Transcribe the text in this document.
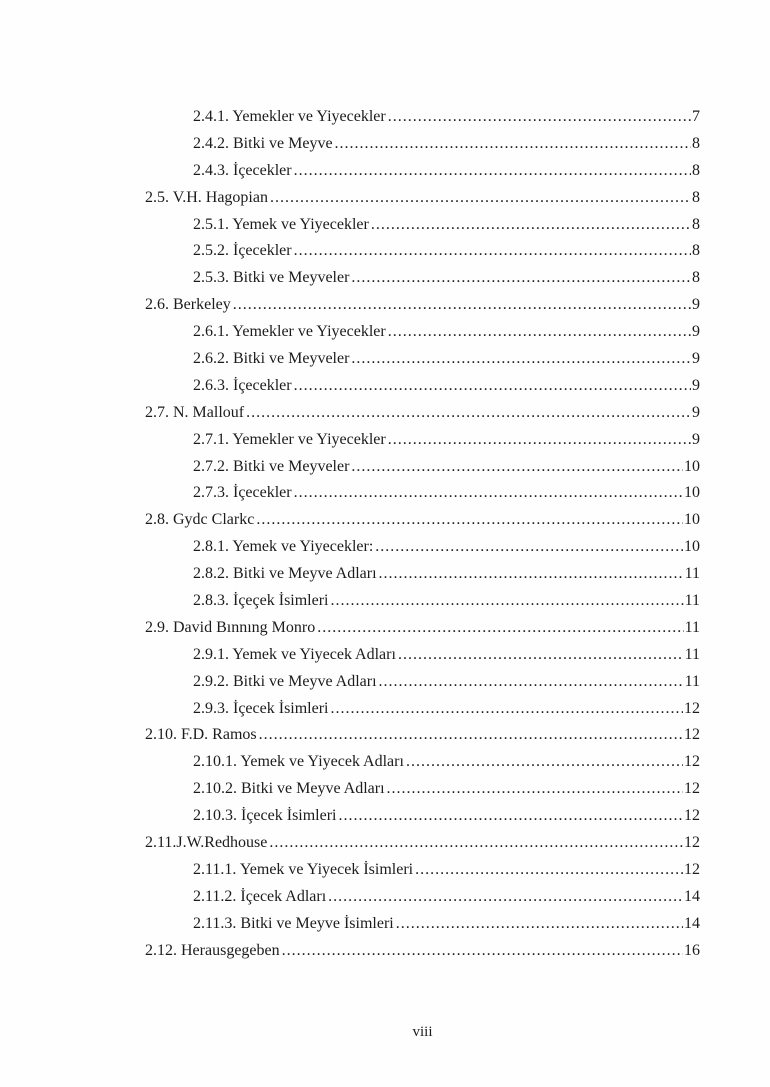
2.4.1. Yemekler ve Yiyecekler .....	7
2.4.2. Bitki ve Meyve .....	8
2.4.3. İçecekler .....	8
2.5. V.H. Hagopian .....	8
2.5.1. Yemek ve Yiyecekler .....	8
2.5.2. İçecekler .....	8
2.5.3. Bitki ve Meyveler .....	8
2.6. Berkeley .....	9
2.6.1. Yemekler ve Yiyecekler .....	9
2.6.2. Bitki ve Meyveler .....	9
2.6.3. İçecekler .....	9
2.7. N. Mallouf .....	9
2.7.1. Yemekler ve Yiyecekler .....	9
2.7.2. Bitki ve Meyveler .....	10
2.7.3. İçecekler .....	10
2.8. Gydc Clarkc .....	10
2.8.1. Yemek ve Yiyecekler: .....	10
2.8.2. Bitki ve Meyve Adları .....	11
2.8.3. İçeçek İsimleri .....	11
2.9. David Bınnıng Monro .....	11
2.9.1. Yemek ve Yiyecek Adları .....	11
2.9.2. Bitki ve Meyve Adları .....	11
2.9.3. İçecek İsimleri .....	12
2.10. F.D. Ramos .....	12
2.10.1. Yemek ve Yiyecek Adları .....	12
2.10.2. Bitki ve Meyve Adları .....	12
2.10.3. İçecek İsimleri .....	12
2.11.J.W.Redhouse .....	12
2.11.1. Yemek ve Yiyecek İsimleri .....	12
2.11.2. İçecek Adları .....	14
2.11.3. Bitki ve Meyve İsimleri .....	14
2.12. Herausgegeben .....	16
viii
